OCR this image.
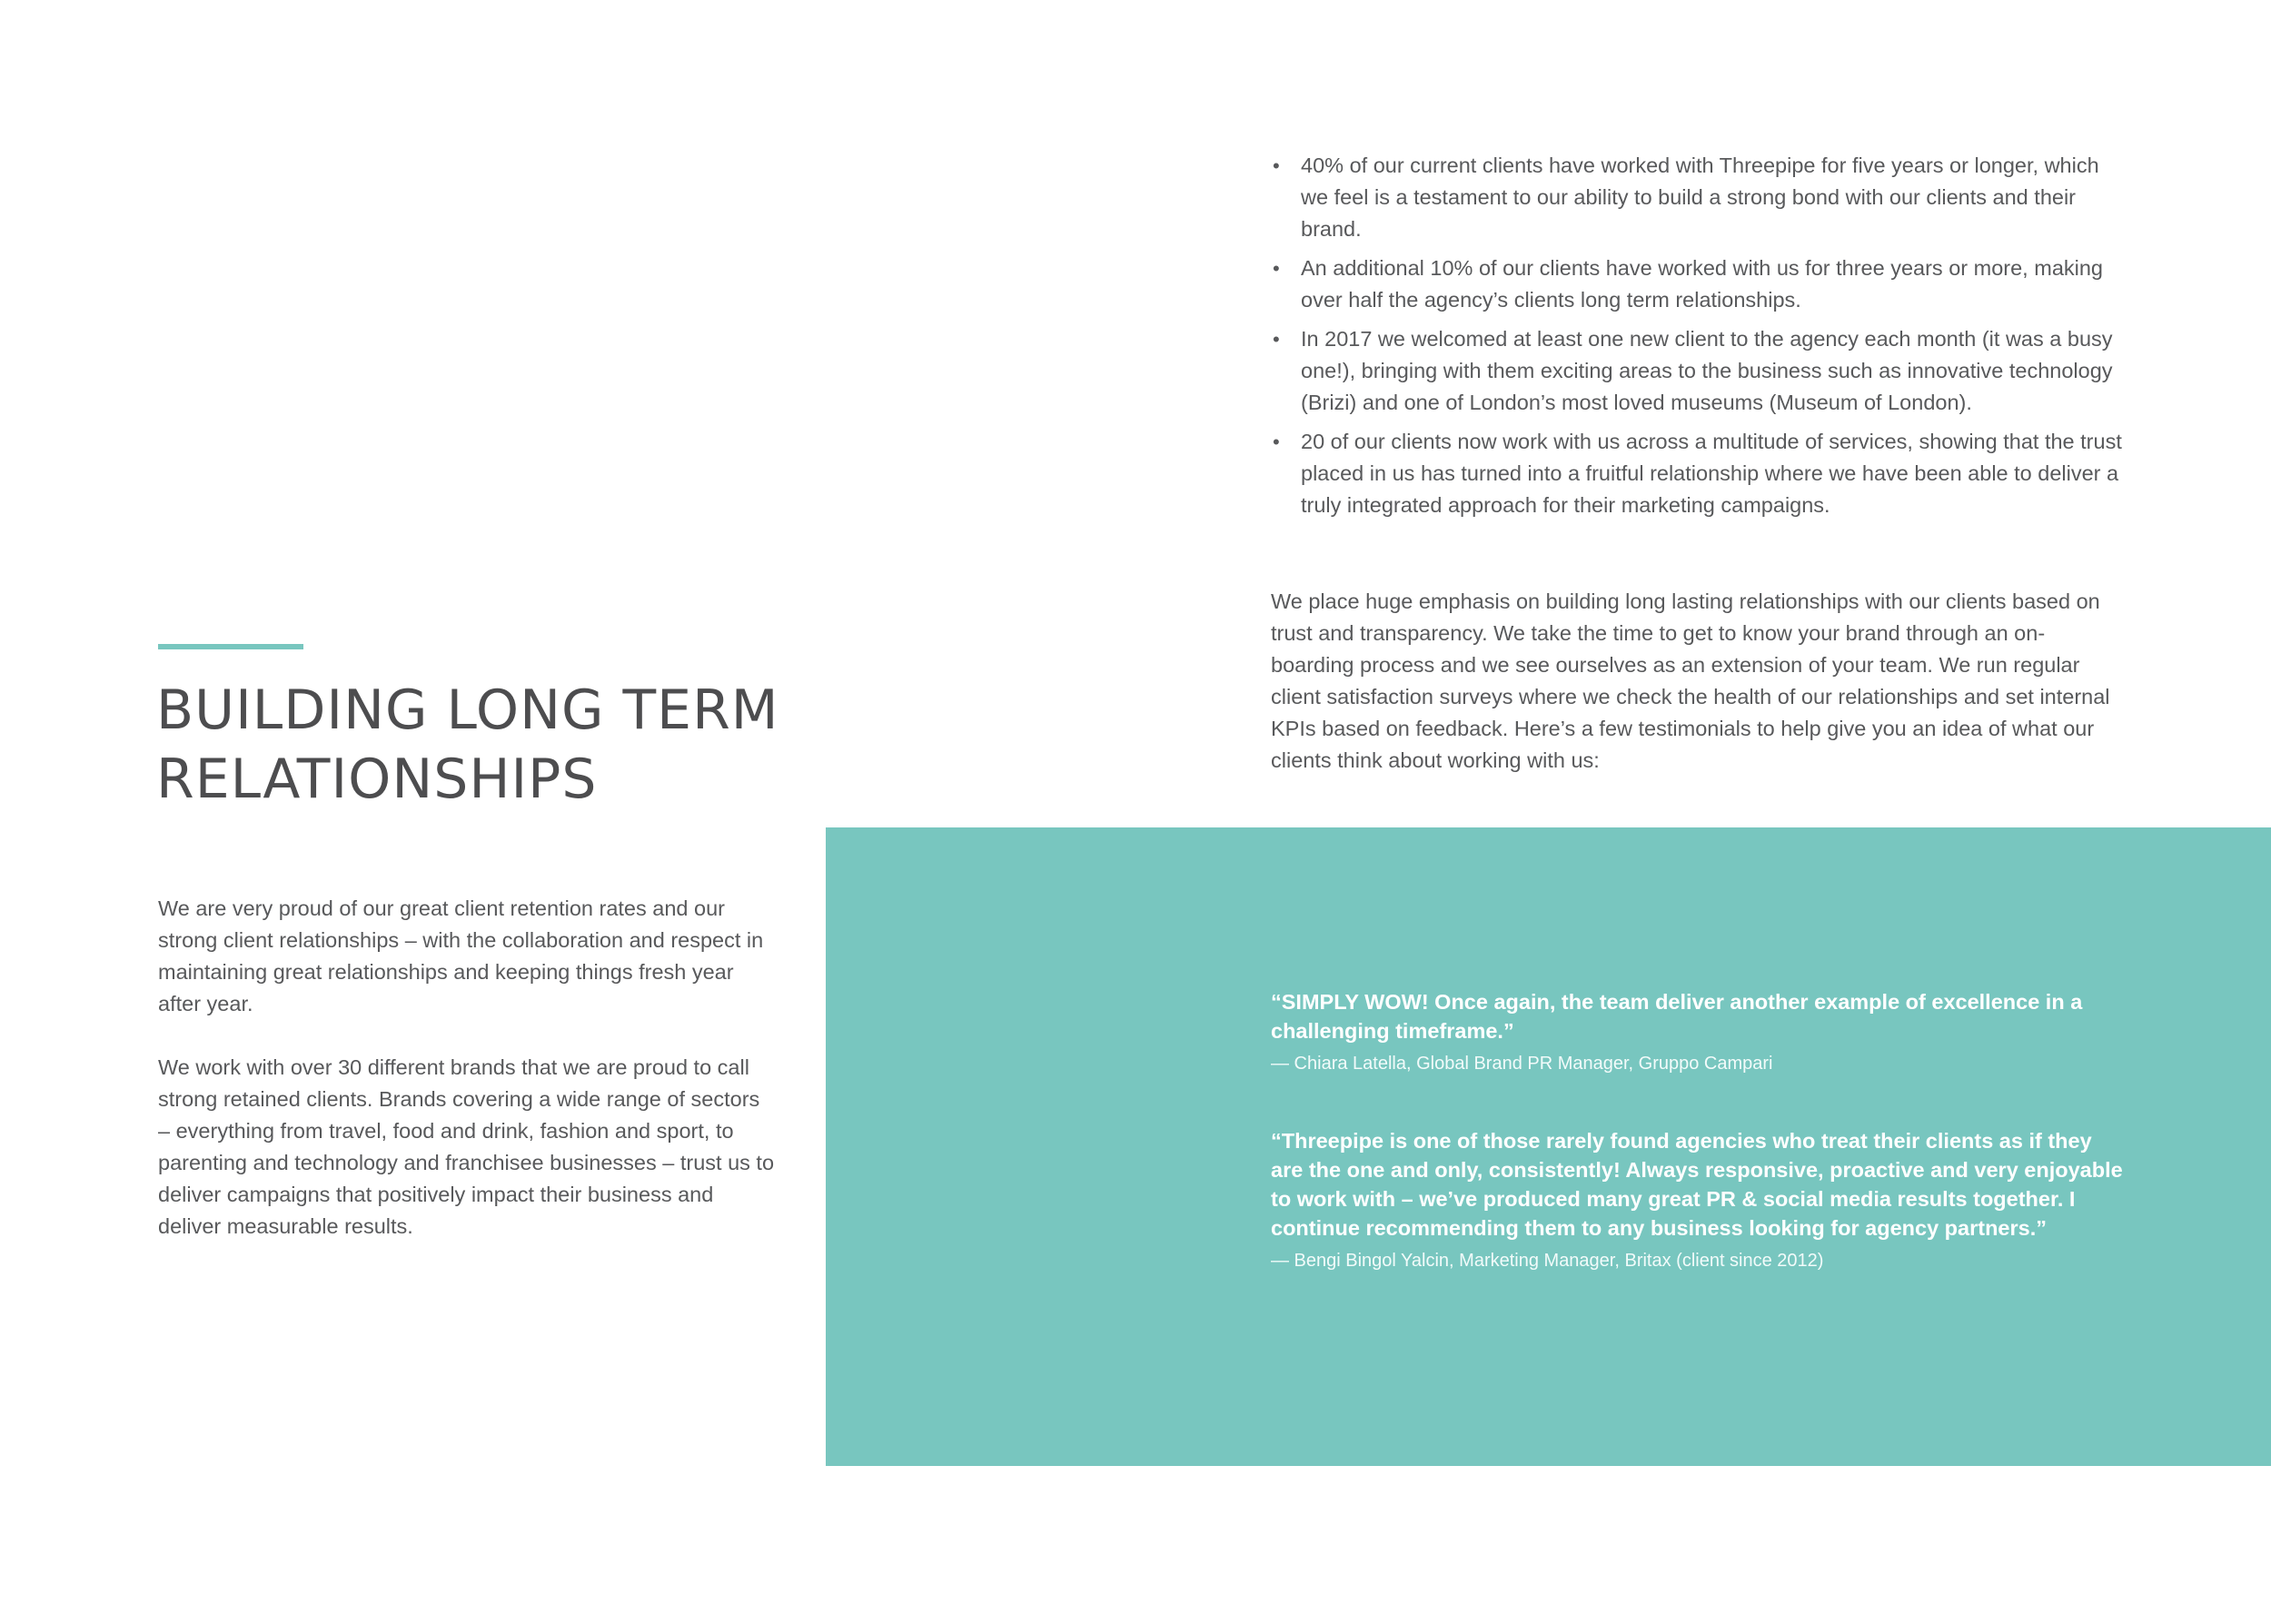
BUILDING LONG TERM
RELATIONSHIPS

We are very proud of our great client retention rates and our strong client relationships – with the collaboration and respect in maintaining great relationships and keeping things fresh year after year.

We work with over 30 different brands that we are proud to call strong retained clients. Brands covering a wide range of sectors – everything from travel, food and drink, fashion and sport, to parenting and technology and franchisee businesses – trust us to deliver campaigns that positively impact their business and deliver measurable results.

• 40% of our current clients have worked with Threepipe for five years or longer, which we feel is a testament to our ability to build a strong bond with our clients and their brand.
• An additional 10% of our clients have worked with us for three years or more, making over half the agency’s clients long term relationships.
• In 2017 we welcomed at least one new client to the agency each month (it was a busy one!), bringing with them exciting areas to the business such as innovative technology (Brizi) and one of London’s most loved museums (Museum of London).
• 20 of our clients now work with us across a multitude of services, showing that the trust placed in us has turned into a fruitful relationship where we have been able to deliver a truly integrated approach for their marketing campaigns.

We place huge emphasis on building long lasting relationships with our clients based on trust and transparency. We take the time to get to know your brand through an on-boarding process and we see ourselves as an extension of your team. We run regular client satisfaction surveys where we check the health of our relationships and set internal KPIs based on feedback. Here’s a few testimonials to help give you an idea of what our clients think about working with us:

“SIMPLY WOW! Once again, the team deliver another example of excellence in a challenging timeframe.”

— Chiara Latella, Global Brand PR Manager, Gruppo Campari

“Threepipe is one of those rarely found agencies who treat their clients as if they are the one and only, consistently! Always responsive, proactive and very enjoyable to work with – we’ve produced many great PR & social media results together. I continue recommending them to any business looking for agency partners.”

— Bengi Bingol Yalcin, Marketing Manager, Britax (client since 2012)
